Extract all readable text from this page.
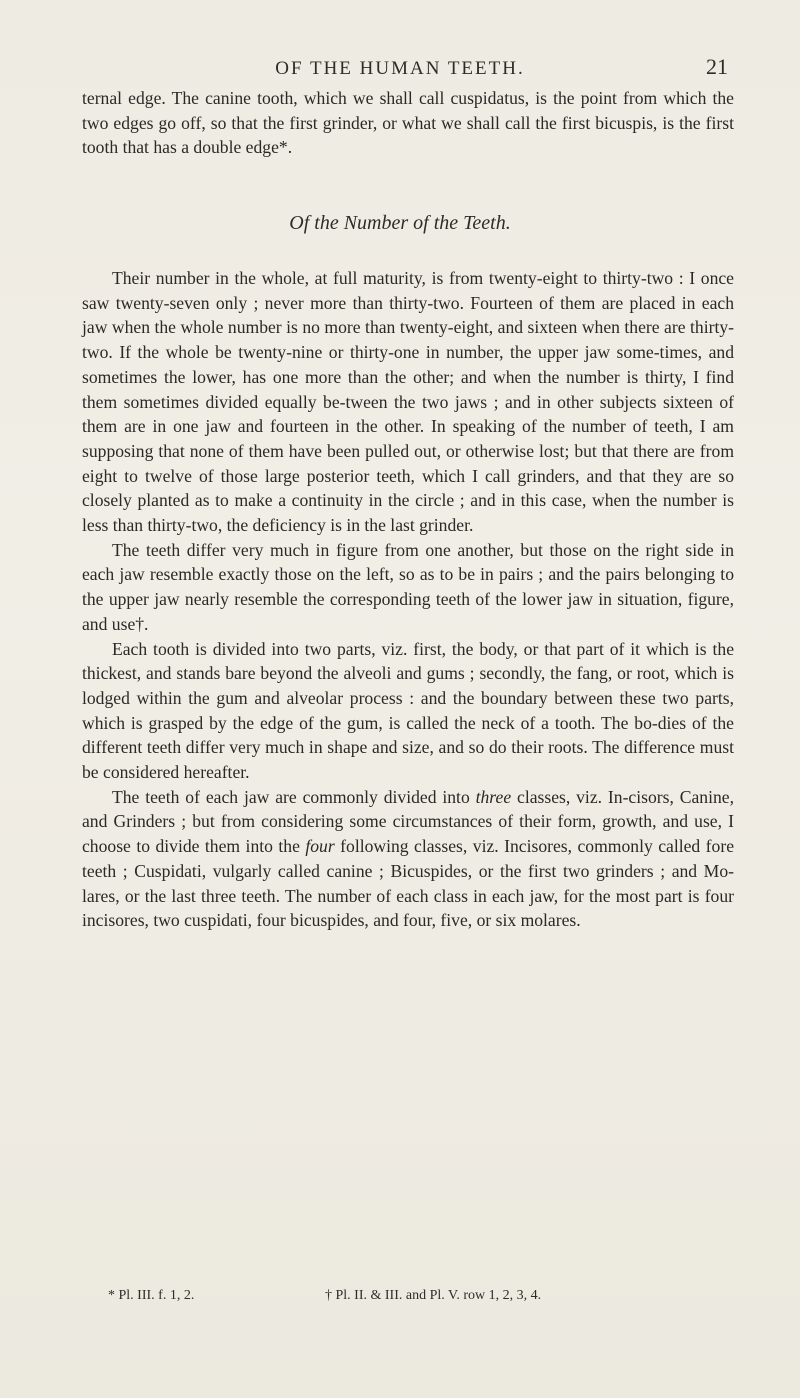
OF THE HUMAN TEETH.	21

ternal edge. The canine tooth, which we shall call cuspidatus, is the point from which the two edges go off, so that the first grinder, or what we shall call the first bicuspis, is the first tooth that has a double edge*.

Of the Number of the Teeth.

Their number in the whole, at full maturity, is from twenty-eight to thirty-two : I once saw twenty-seven only ; never more than thirty-two. Fourteen of them are placed in each jaw when the whole number is no more than twenty-eight, and sixteen when there are thirty-two. If the whole be twenty-nine or thirty-one in number, the upper jaw some-times, and sometimes the lower, has one more than the other; and when the number is thirty, I find them sometimes divided equally be-tween the two jaws ; and in other subjects sixteen of them are in one jaw and fourteen in the other. In speaking of the number of teeth, I am supposing that none of them have been pulled out, or otherwise lost; but that there are from eight to twelve of those large posterior teeth, which I call grinders, and that they are so closely planted as to make a continuity in the circle ; and in this case, when the number is less than thirty-two, the deficiency is in the last grinder.

The teeth differ very much in figure from one another, but those on the right side in each jaw resemble exactly those on the left, so as to be in pairs ; and the pairs belonging to the upper jaw nearly resemble the corresponding teeth of the lower jaw in situation, figure, and use†.

Each tooth is divided into two parts, viz. first, the body, or that part of it which is the thickest, and stands bare beyond the alveoli and gums ; secondly, the fang, or root, which is lodged within the gum and alveolar process : and the boundary between these two parts, which is grasped by the edge of the gum, is called the neck of a tooth. The bo-dies of the different teeth differ very much in shape and size, and so do their roots. The difference must be considered hereafter.

The teeth of each jaw are commonly divided into three classes, viz. In-cisors, Canine, and Grinders ; but from considering some circumstances of their form, growth, and use, I choose to divide them into the four following classes, viz. Incisores, commonly called fore teeth ; Cuspidati, vulgarly called canine ; Bicuspides, or the first two grinders ; and Mo-lares, or the last three teeth. The number of each class in each jaw, for the most part is four incisores, two cuspidati, four bicuspides, and four, five, or six molares.

* Pl. III. f. 1, 2.	† Pl. II. & III. and Pl. V. row 1, 2, 3, 4.
